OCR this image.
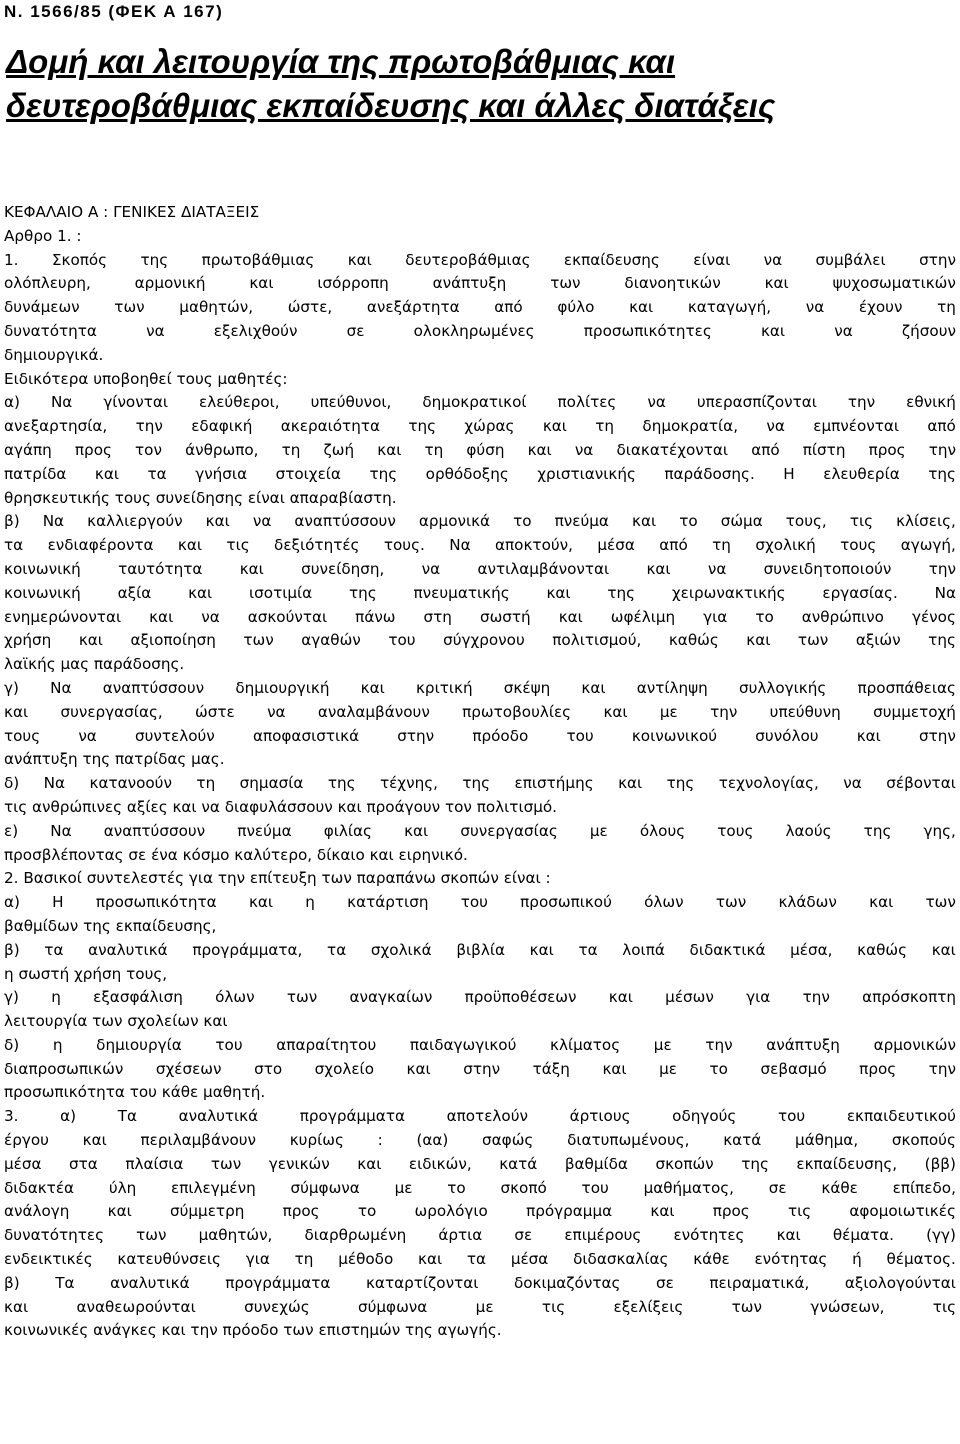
Ν. 1566/85 (ΦΕΚ Α 167)

Δομή και λειτουργία της πρωτοβάθμιας και
δευτεροβάθμιας εκπαίδευσης και άλλες διατάξεις
ΚΕΦΑΛΑΙΟ Α : ΓΕΝΙΚΕΣ ΔΙΑΤΑΞΕΙΣ
Αρθρο 1. :
1. Σκοπός της πρωτοβάθμιας και δευτεροβάθμιας εκπαίδευσης είναι να συμβάλει στην
ολόπλευρη,	αρμονική	και	ισόρροπη	ανάπτυξη	των	διανοητικών	και	ψυχοσωματικών
δυνάμεων των μαθητών, ώστε, ανεξάρτητα από φύλο και καταγωγή, να έχουν τη
δυνατότητα	να	εξελιχθούν	σε	ολοκληρωμένες	προσωπικότητες	και	να	ζήσουν
δημιουργικά.
Ειδικότερα υποβοηθεί τους μαθητές:
α) Να γίνονται ελεύθεροι, υπεύθυνοι, δημοκρατικοί πολίτες να υπερασπίζονται την εθνική
ανεξαρτησία, την εδαφική ακεραιότητα της χώρας και τη δημοκρατία, να εμπνέονται από
αγάπη προς τον άνθρωπο, τη ζωή και τη φύση και να διακατέχονται από πίστη προς την
πατρίδα και τα γνήσια στοιχεία της ορθόδοξης χριστιανικής παράδοσης. Η ελευθερία της
θρησκευτικής τους συνείδησης είναι απαραβίαστη.
β) Να καλλιεργούν και να αναπτύσσουν αρμονικά το πνεύμα και το σώμα τους, τις κλίσεις,
τα ενδιαφέροντα και τις δεξιότητές τους. Να αποκτούν, μέσα από τη σχολική τους αγωγή,
κοινωνική ταυτότητα και συνείδηση, να αντιλαμβάνονται και να συνειδητοποιούν την
κοινωνική αξία και ισοτιμία της πνευματικής και της χειρωνακτικής εργασίας. Να
ενημερώνονται και να ασκούνται πάνω στη σωστή και ωφέλιμη για το ανθρώπινο γένος
χρήση και αξιοποίηση των αγαθών του σύγχρονου πολιτισμού, καθώς και των αξιών της
λαϊκής μας παράδοσης.
γ) Να αναπτύσσουν δημιουργική και κριτική σκέψη και αντίληψη συλλογικής προσπάθειας
και συνεργασίας, ώστε να αναλαμβάνουν πρωτοβουλίες και με την υπεύθυνη συμμετοχή
τους	να	συντελούν	αποφασιστικά	στην	πρόοδο	του	κοινωνικού	συνόλου	και	στην
ανάπτυξη της πατρίδας μας.
δ) Να κατανοούν τη σημασία της τέχνης, της επιστήμης και της τεχνολογίας, να σέβονται
τις ανθρώπινες αξίες και να διαφυλάσσουν και προάγουν τον πολιτισμό.
ε) Να αναπτύσσουν πνεύμα φιλίας και συνεργασίας με όλους τους λαούς της γης,
προσβλέποντας σε ένα κόσμο καλύτερο, δίκαιο και ειρηνικό.
2. Βασικοί συντελεστές για την επίτευξη των παραπάνω σκοπών είναι :
α) Η προσωπικότητα και η κατάρτιση του προσωπικού όλων των κλάδων και των
βαθμίδων της εκπαίδευσης,
β) τα αναλυτικά προγράμματα, τα σχολικά βιβλία και τα λοιπά διδακτικά μέσα, καθώς και
η σωστή χρήση τους,
γ) η εξασφάλιση όλων των αναγκαίων προϋποθέσεων και μέσων για την απρόσκοπτη
λειτουργία των σχολείων και
δ) η δημιουργία του απαραίτητου παιδαγωγικού κλίματος με την ανάπτυξη αρμονικών
διαπροσωπικών σχέσεων στο σχολείο και στην τάξη και με το σεβασμό προς την
προσωπικότητα του κάθε μαθητή.
3.	α)	Τα	αναλυτικά	προγράμματα	αποτελούν	άρτιους	οδηγούς	του	εκπαιδευτικού
έργου και περιλαμβάνουν κυρίως : (αα) σαφώς διατυπωμένους, κατά μάθημα, σκοπούς
μέσα στα πλαίσια των γενικών και ειδικών, κατά βαθμίδα σκοπών της εκπαίδευσης, (ββ)
διδακτέα ύλη επιλεγμένη σύμφωνα με το σκοπό του μαθήματος, σε κάθε επίπεδο,
ανάλογη	και	σύμμετρη	προς	το	ωρολόγιο	πρόγραμμα	και	προς	τις	αφομοιωτικές
δυνατότητες των μαθητών, διαρθρωμένη άρτια σε επιμέρους ενότητες και θέματα. (γγ)
ενδεικτικές κατευθύνσεις για τη μέθοδο και τα μέσα διδασκαλίας κάθε ενότητας ή θέματος.
β) Τα αναλυτικά προγράμματα καταρτίζονται δοκιμαζόντας σε πειραματικά, αξιολογούνται
και	αναθεωρούνται	συνεχώς	σύμφωνα	με	τις	εξελίξεις	των	γνώσεων,	τις
κοινωνικές ανάγκες και την πρόοδο των επιστημών της αγωγής.
